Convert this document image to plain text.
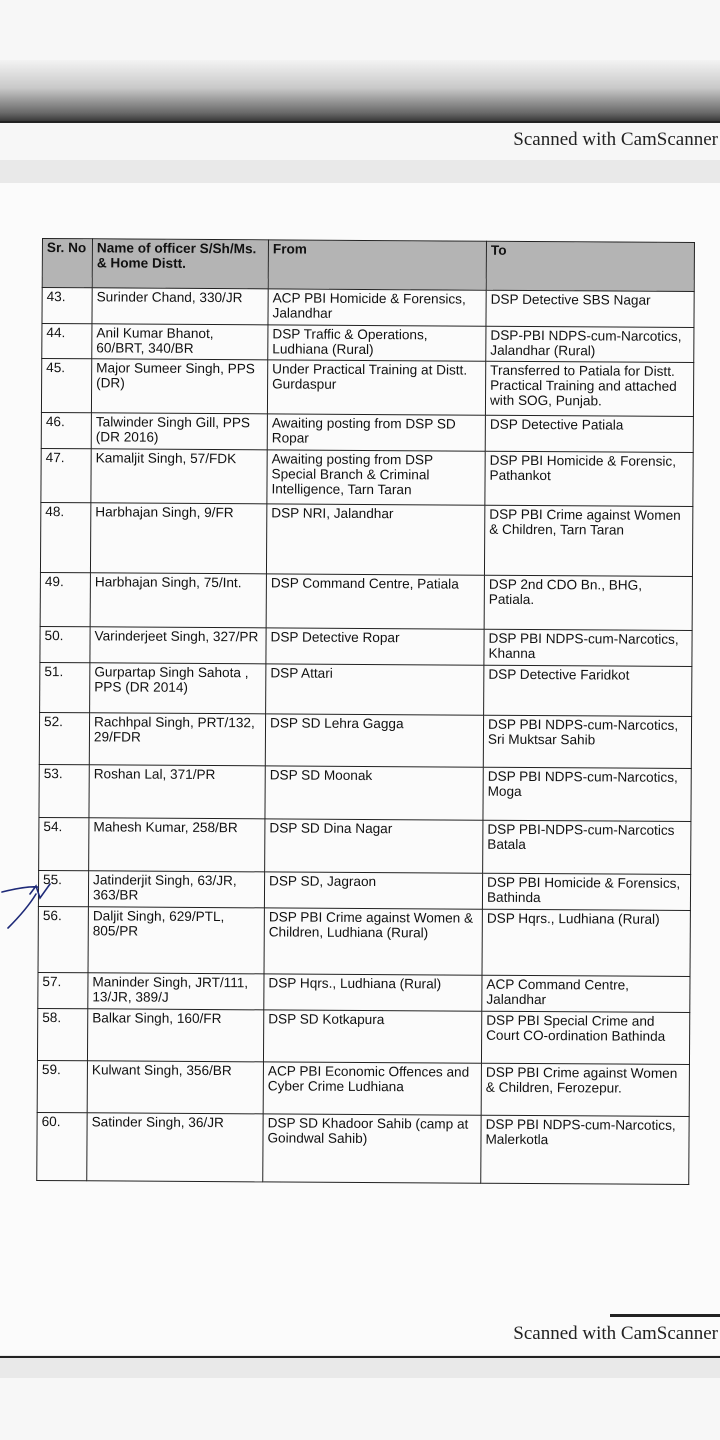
Scanned with CamScanner
Sr. No	Name of officer S/Sh/Ms. & Home Distt.	From	To
43.	Surinder Chand, 330/JR	ACP PBI Homicide & Forensics, Jalandhar	DSP Detective SBS Nagar
44.	Anil Kumar Bhanot, 60/BRT, 340/BR	DSP Traffic & Operations, Ludhiana (Rural)	DSP-PBI NDPS-cum-Narcotics, Jalandhar (Rural)
45.	Major Sumeer Singh, PPS (DR)	Under Practical Training at Distt. Gurdaspur	Transferred to Patiala for Distt. Practical Training and attached with SOG, Punjab.
46.	Talwinder Singh Gill, PPS (DR 2016)	Awaiting posting from DSP SD Ropar	DSP Detective Patiala
47.	Kamaljit Singh, 57/FDK	Awaiting posting from DSP Special Branch & Criminal Intelligence, Tarn Taran	DSP PBI Homicide & Forensic, Pathankot
48.	Harbhajan Singh, 9/FR	DSP NRI, Jalandhar	DSP PBI Crime against Women & Children, Tarn Taran
49.	Harbhajan Singh, 75/Int.	DSP Command Centre, Patiala	DSP 2nd CDO Bn., BHG, Patiala.
50.	Varinderjeet Singh, 327/PR	DSP Detective Ropar	DSP PBI NDPS-cum-Narcotics, Khanna
51.	Gurpartap Singh Sahota , PPS (DR 2014)	DSP Attari	DSP Detective Faridkot
52.	Rachhpal Singh, PRT/132, 29/FDR	DSP SD Lehra Gagga	DSP PBI NDPS-cum-Narcotics, Sri Muktsar Sahib
53.	Roshan Lal, 371/PR	DSP SD Moonak	DSP PBI NDPS-cum-Narcotics, Moga
54.	Mahesh Kumar, 258/BR	DSP SD Dina Nagar	DSP PBI-NDPS-cum-Narcotics Batala
55.	Jatinderjit Singh, 63/JR, 363/BR	DSP SD, Jagraon	DSP PBI Homicide & Forensics, Bathinda
56.	Daljit Singh, 629/PTL, 805/PR	DSP PBI Crime against Women & Children, Ludhiana (Rural)	DSP Hqrs., Ludhiana (Rural)
57.	Maninder Singh, JRT/111, 13/JR, 389/J	DSP Hqrs., Ludhiana (Rural)	ACP Command Centre, Jalandhar
58.	Balkar Singh, 160/FR	DSP SD Kotkapura	DSP PBI Special Crime and Court CO-ordination Bathinda
59.	Kulwant Singh, 356/BR	ACP PBI Economic Offences and Cyber Crime Ludhiana	DSP PBI Crime against Women & Children, Ferozepur.
60.	Satinder Singh, 36/JR	DSP SD Khadoor Sahib (camp at Goindwal Sahib)	DSP PBI NDPS-cum-Narcotics, Malerkotla
Scanned with CamScanner
